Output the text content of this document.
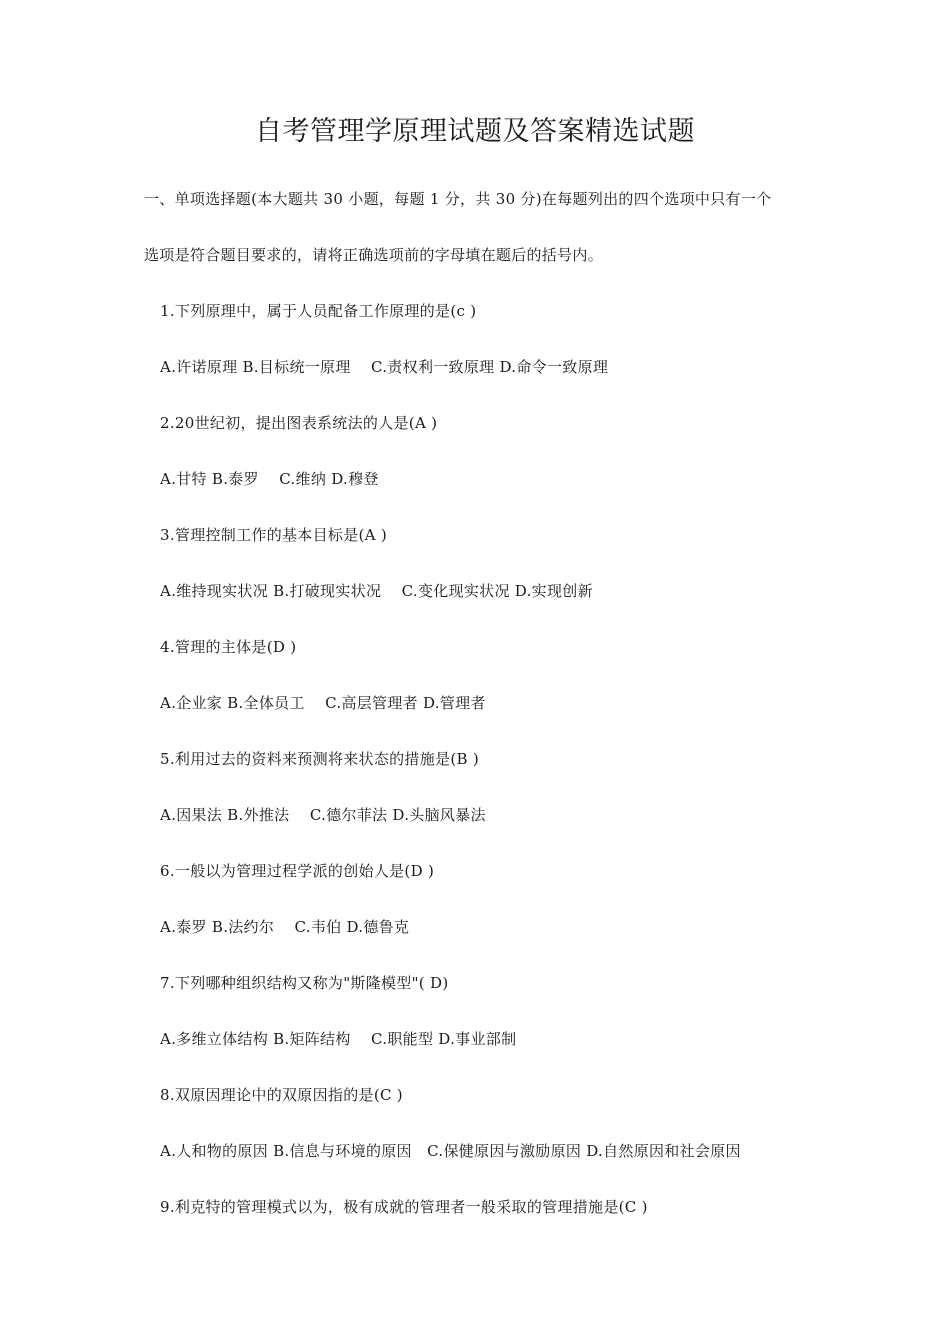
自考管理学原理试题及答案精选试题
一、单项选择题(本大题共 30 小题，每题 1 分，共 30 分)在每题列出的四个选项中只有一个
选项是符合题目要求的，请将正确选项前的字母填在题后的括号内。
1.下列原理中，属于人员配备工作原理的是(c )
A.许诺原理 B.目标统一原理　 C.责权利一致原理 D.命令一致原理
2.20世纪初，提出图表系统法的人是(A )
A.甘特 B.泰罗　 C.维纳 D.穆登
3.管理控制工作的基本目标是(A )
A.维持现实状况 B.打破现实状况　 C.变化现实状况 D.实现创新
4.管理的主体是(D )
A.企业家 B.全体员工　 C.高层管理者 D.管理者
5.利用过去的资料来预测将来状态的措施是(B )
A.因果法 B.外推法　 C.德尔菲法 D.头脑风暴法
6.一般以为管理过程学派的创始人是(D )
A.泰罗 B.法约尔　 C.韦伯 D.德鲁克
7.下列哪种组织结构又称为"斯隆模型"( D)
A.多维立体结构 B.矩阵结构　 C.职能型 D.事业部制
8.双原因理论中的双原因指的是(C )
A.人和物的原因 B.信息与环境的原因　C.保健原因与激励原因 D.自然原因和社会原因
9.利克特的管理模式以为，极有成就的管理者一般采取的管理措施是(C )
